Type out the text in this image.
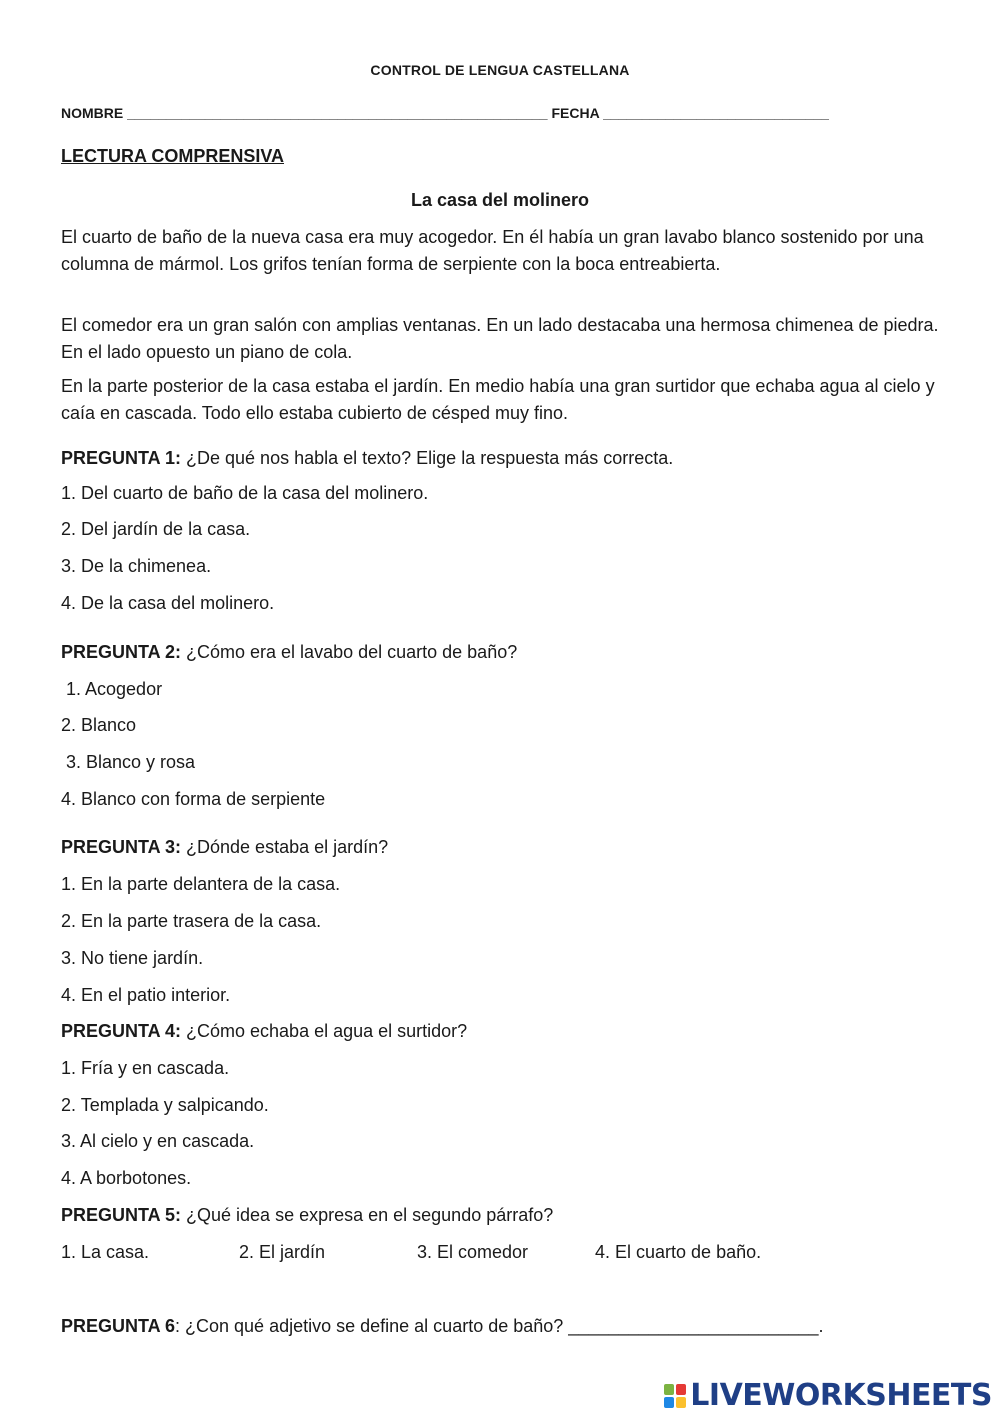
CONTROL DE LENGUA CASTELLANA
NOMBRE ______________________________________________________ FECHA _____________________________
LECTURA COMPRENSIVA
La casa del molinero
El cuarto de baño de la nueva casa era muy acogedor. En él había un gran lavabo blanco sostenido por una columna de mármol. Los grifos tenían forma de serpiente con la boca entreabierta.
El comedor era un gran salón con amplias ventanas. En un lado destacaba una hermosa chimenea de piedra. En el lado opuesto un piano de cola.
En la parte posterior de la casa estaba el jardín. En medio había una gran surtidor que echaba agua al cielo y caía en cascada. Todo ello estaba cubierto de césped muy fino.
PREGUNTA 1: ¿De qué nos habla el texto? Elige la respuesta más correcta.
1. Del cuarto de baño de la casa del molinero.
2. Del jardín de la casa.
3. De la chimenea.
4. De la casa del molinero.
PREGUNTA 2: ¿Cómo era el lavabo del cuarto de baño?
1. Acogedor
2. Blanco
3. Blanco y rosa
4. Blanco con forma de serpiente
PREGUNTA 3: ¿Dónde estaba el jardín?
1. En la parte delantera de la casa.
2. En la parte trasera de la casa.
3. No tiene jardín.
4. En el patio interior.
PREGUNTA 4: ¿Cómo echaba el agua el surtidor?
1. Fría y en cascada.
2. Templada y salpicando.
3. Al cielo y en cascada.
4. A borbotones.
PREGUNTA 5: ¿Qué idea se expresa en el segundo párrafo?
1. La casa.	2. El jardín	3. El comedor	4. El cuarto de baño.
PREGUNTA 6: ¿Con qué adjetivo se define al cuarto de baño? _________________________.
LIVEWORKSHEETS
